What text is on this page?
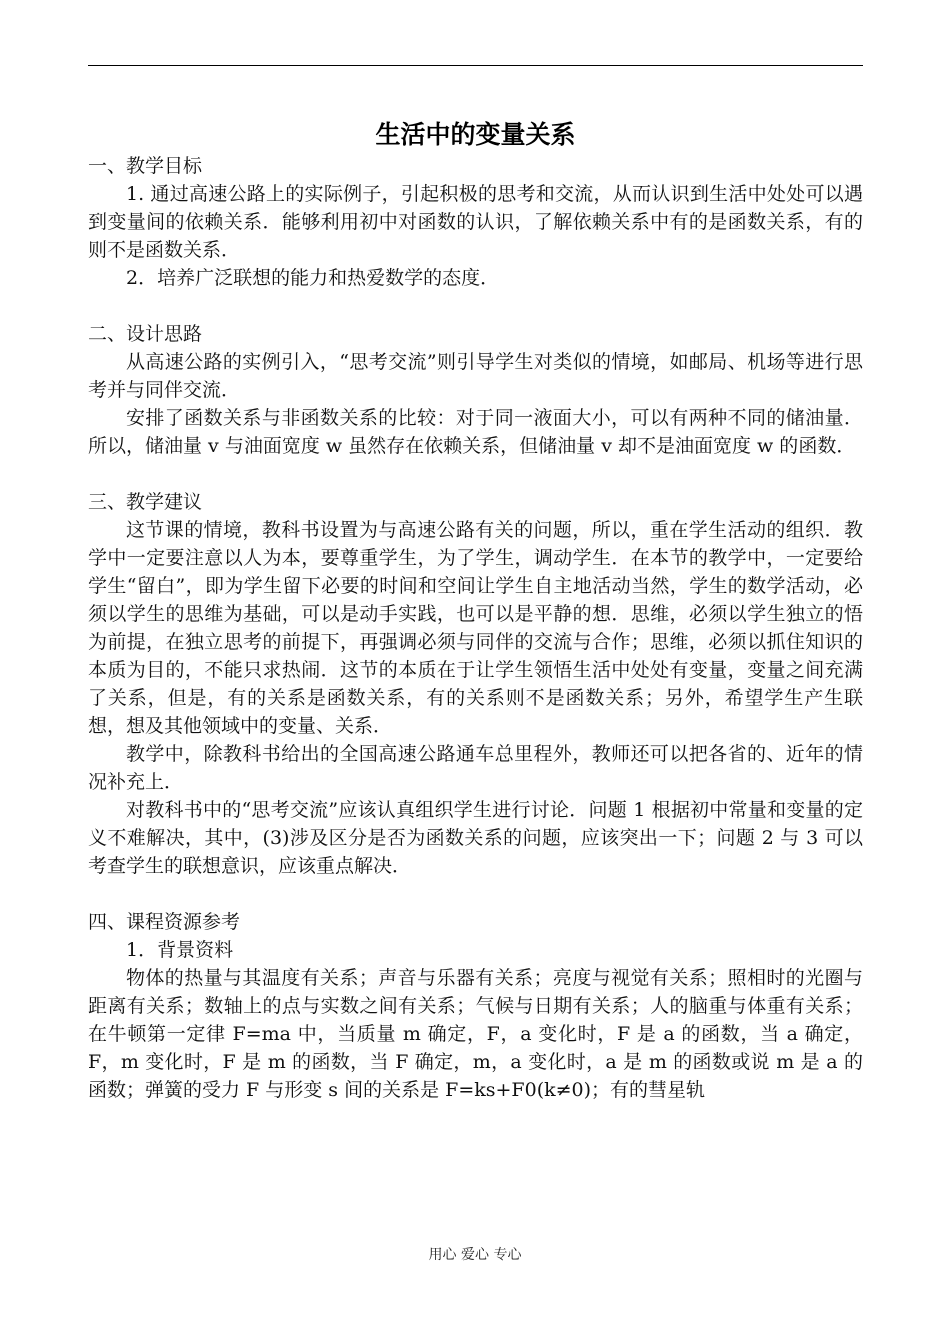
生活中的变量关系

一、教学目标

1. 通过高速公路上的实际例子，引起积极的思考和交流，从而认识到生活中处处可以遇到变量间的依赖关系．能够利用初中对函数的认识，了解依赖关系中有的是函数关系，有的则不是函数关系．

2．培养广泛联想的能力和热爱数学的态度．

二、设计思路

从高速公路的实例引入，“思考交流”则引导学生对类似的情境，如邮局、机场等进行思考并与同伴交流．

安排了函数关系与非函数关系的比较：对于同一液面大小，可以有两种不同的储油量．所以，储油量 v 与油面宽度 w 虽然存在依赖关系，但储油量 v 却不是油面宽度 w 的函数．

三、教学建议

这节课的情境，教科书设置为与高速公路有关的问题，所以，重在学生活动的组织．教学中一定要注意以人为本，要尊重学生，为了学生，调动学生．在本节的教学中，一定要给学生“留白”，即为学生留下必要的时间和空间让学生自主地活动当然，学生的数学活动，必须以学生的思维为基础，可以是动手实践，也可以是平静的想．思维，必须以学生独立的悟为前提，在独立思考的前提下，再强调必须与同伴的交流与合作；思维，必须以抓住知识的本质为目的，不能只求热闹．这节的本质在于让学生领悟生活中处处有变量，变量之间充满了关系，但是，有的关系是函数关系，有的关系则不是函数关系；另外，希望学生产生联想，想及其他领域中的变量、关系．

教学中，除教科书给出的全国高速公路通车总里程外，教师还可以把各省的、近年的情况补充上．

对教科书中的“思考交流”应该认真组织学生进行讨论．问题 1 根据初中常量和变量的定义不难解决，其中，(3)涉及区分是否为函数关系的问题，应该突出一下；问题 2 与 3 可以考查学生的联想意识，应该重点解决．

四、课程资源参考

1．背景资料

物体的热量与其温度有关系；声音与乐器有关系；亮度与视觉有关系；照相时的光圈与距离有关系；数轴上的点与实数之间有关系；气候与日期有关系；人的脑重与体重有关系；在牛顿第一定律 F=ma 中，当质量 m 确定，F，a 变化时，F 是 a 的函数，当 a 确定，F，m 变化时，F 是 m 的函数，当 F 确定，m，a 变化时，a 是 m 的函数或说 m 是 a 的函数；弹簧的受力 F 与形变 s 间的关系是 F=ks+F0(k≠0)；有的彗星轨

用心 爱心 专心
